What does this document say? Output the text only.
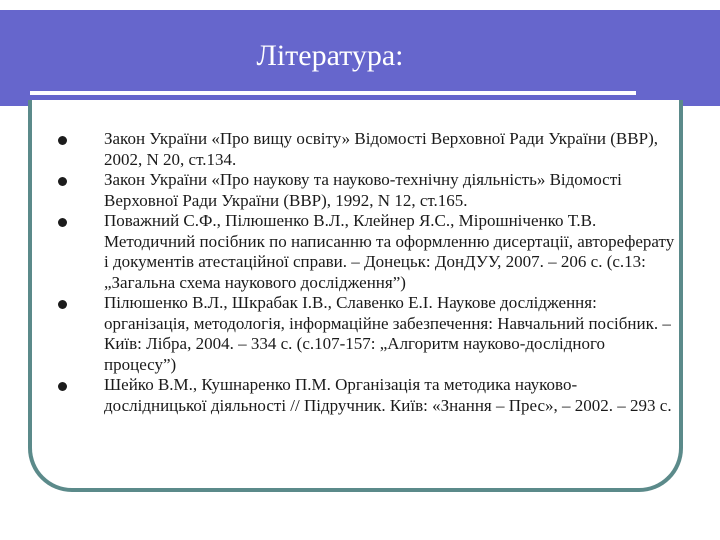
Література:
Закон України «Про вищу освіту» Відомості Верховної Ради України (ВВР), 2002, N 20, ст.134.
Закон України «Про наукову та науково-технічну діяльність» Відомості Верховної Ради України (ВВР), 1992, N 12, ст.165.
Поважний С.Ф., Пілюшенко В.Л., Клейнер Я.С., Мірошніченко Т.В. Методичний посібник по написанню та оформленню дисертації, автореферату і документів атестаційної справи. – Донецьк: ДонДУУ, 2007. – 206 с. (с.13: „Загальна схема наукового дослідження”)
Пілюшенко В.Л., Шкрабак І.В., Славенко Е.І. Наукове дослідження: організація, методологія, інформаційне забезпечення: Навчальний посібник. – Київ: Лібра, 2004. – 334 с. (с.107-157: „Алгоритм науково-дослідного процесу”)
Шейко В.М., Кушнаренко П.М. Організація та методика науково-дослідницької діяльності // Підручник. Київ: «Знання – Прес», – 2002. – 293 с.
